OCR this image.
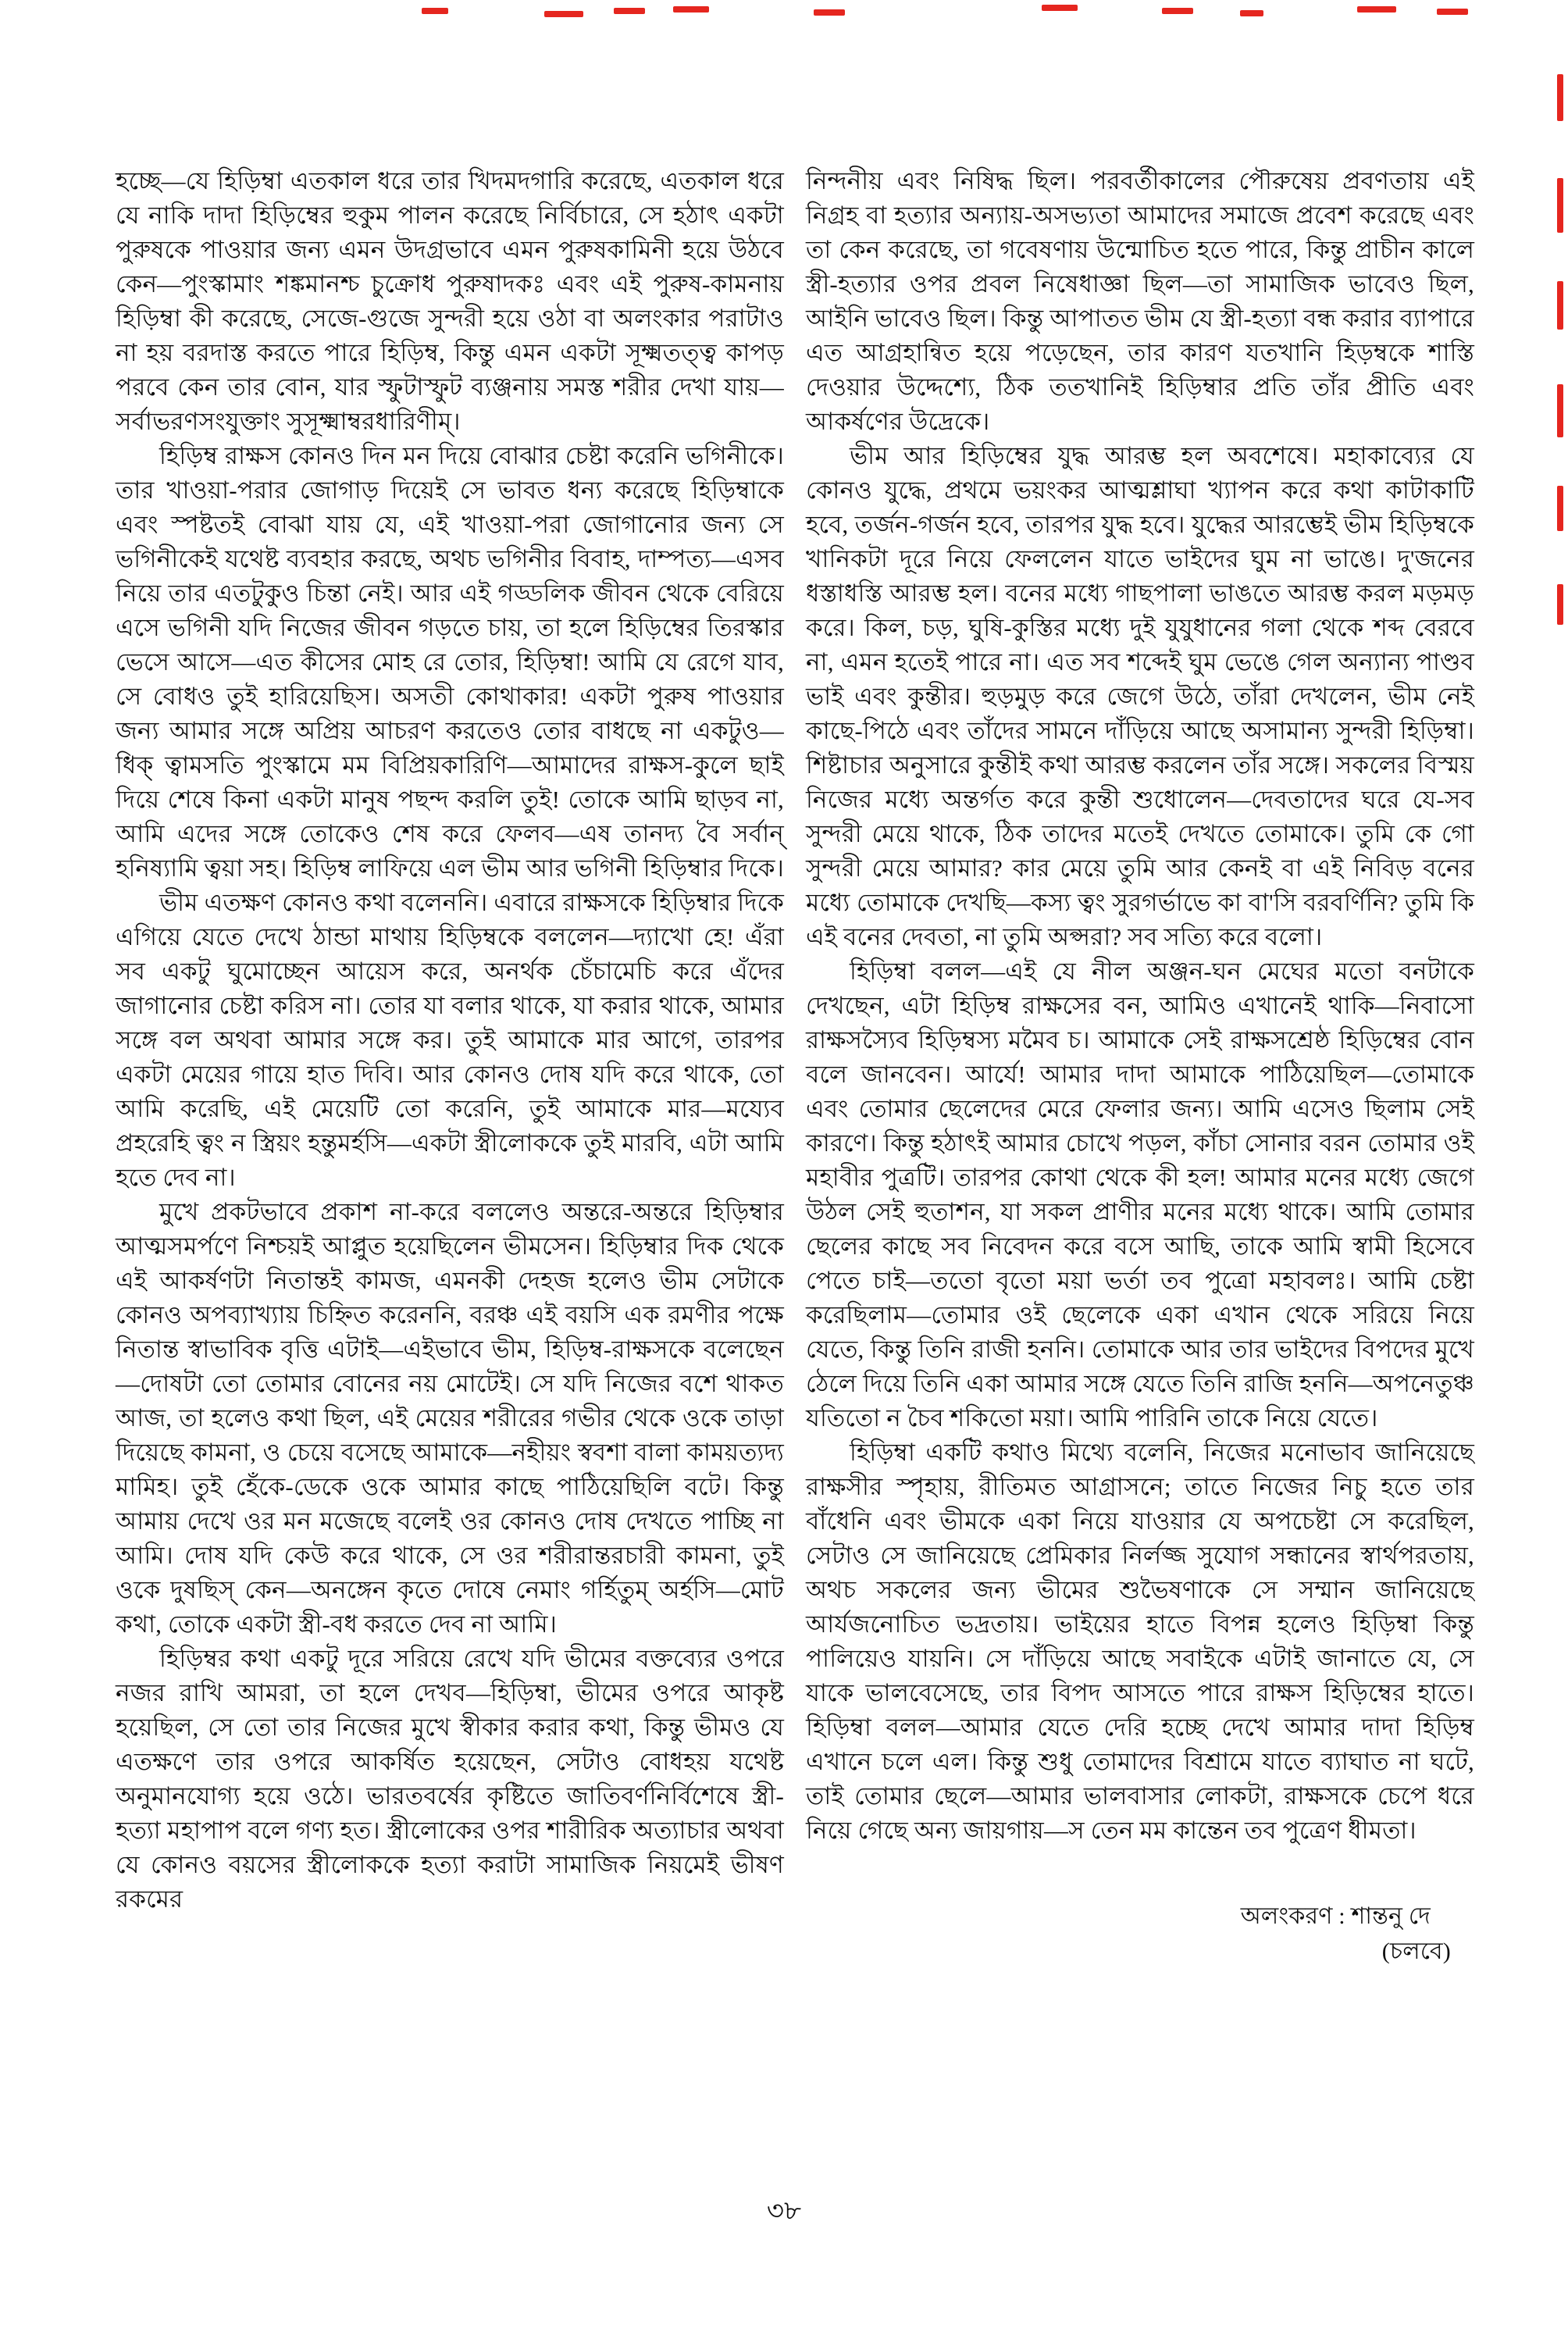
হচ্ছে—যে হিড়িম্বা এতকাল ধরে তার খিদমদগারি করেছে, এতকাল ধরে যে নাকি দাদা হিড়িম্বের হুকুম পালন করেছে নির্বিচারে, সে হঠাৎ একটা পুরুষকে পাওয়ার জন্য এমন উদগ্রভাবে এমন পুরুষকামিনী হয়ে উঠবে কেন—পুংস্কামাং শঙ্কমানশ্চ চুক্রোধ পুরুষাদকঃ এবং এই পুরুষ-কামনায় হিড়িম্বা কী করেছে, সেজে-গুজে সুন্দরী হয়ে ওঠা বা অলংকার পরাটাও না হয় বরদাস্ত করতে পারে হিড়িম্ব, কিন্তু এমন একটা সূক্ষ্মতত্ত্ব কাপড় পরবে কেন তার বোন, যার স্ফুটাস্ফুট ব্যঞ্জনায় সমস্ত শরীর দেখা যায়—সর্বাভরণসংযুক্তাং সুসূক্ষ্মাম্বরধারিণীম্।

হিড়িম্ব রাক্ষস কোনও দিন মন দিয়ে বোঝার চেষ্টা করেনি ভগিনীকে। তার খাওয়া-পরার জোগাড় দিয়েই সে ভাবত ধন্য করেছে হিড়িম্বাকে এবং স্পষ্টতই বোঝা যায় যে, এই খাওয়া-পরা জোগানোর জন্য সে ভগিনীকেই যথেষ্ট ব্যবহার করছে, অথচ ভগিনীর বিবাহ, দাম্পত্য—এসব নিয়ে তার এতটুকুও চিন্তা নেই। আর এই গড্ডলিক জীবন থেকে বেরিয়ে এসে ভগিনী যদি নিজের জীবন গড়তে চায়, তা হলে হিড়িম্বের তিরস্কার ভেসে আসে—এত কীসের মোহ রে তোর, হিড়িম্বা! আমি যে রেগে যাব, সে বোধও তুই হারিয়েছিস। অসতী কোথাকার! একটা পুরুষ পাওয়ার জন্য আমার সঙ্গে অপ্রিয় আচরণ করতেও তোর বাধছে না একটুও—ধিক্ ত্বামসতি পুংস্কামে মম বিপ্রিয়কারিণি—আমাদের রাক্ষস-কুলে ছাই দিয়ে শেষে কিনা একটা মানুষ পছন্দ করলি তুই! তোকে আমি ছাড়ব না, আমি এদের সঙ্গে তোকেও শেষ করে ফেলব—এষ তানদ্য বৈ সর্বান্ হনিষ্যামি ত্বয়া সহ। হিড়িম্ব লাফিয়ে এল ভীম আর ভগিনী হিড়িম্বার দিকে।

ভীম এতক্ষণ কোনও কথা বলেননি। এবারে রাক্ষসকে হিড়িম্বার দিকে এগিয়ে যেতে দেখে ঠান্ডা মাথায় হিড়িম্বকে বললেন—দ্যাখো হে! এঁরা সব একটু ঘুমোচ্ছেন আয়েস করে, অনর্থক চেঁচামেচি করে এঁদের জাগানোর চেষ্টা করিস না। তোর যা বলার থাকে, যা করার থাকে, আমার সঙ্গে বল অথবা আমার সঙ্গে কর। তুই আমাকে মার আগে, তারপর একটা মেয়ের গায়ে হাত দিবি। আর কোনও দোষ যদি করে থাকে, তো আমি করেছি, এই মেয়েটি তো করেনি, তুই আমাকে মার—ময্যেব প্রহরেহি ত্বং ন স্ত্রিয়ং হন্তুমর্হসি—একটা স্ত্রীলোককে তুই মারবি, এটা আমি হতে দেব না।

মুখে প্রকটভাবে প্রকাশ না-করে বললেও অন্তরে-অন্তরে হিড়িম্বার আত্মসমর্পণে নিশ্চয়ই আপ্লুত হয়েছিলেন ভীমসেন। হিড়িম্বার দিক থেকে এই আকর্ষণটা নিতান্তই কামজ, এমনকী দেহজ হলেও ভীম সেটাকে কোনও অপব্যাখ্যায় চিহ্নিত করেননি, বরঞ্চ এই বয়সি এক রমণীর পক্ষে নিতান্ত স্বাভাবিক বৃত্তি এটাই—এইভাবে ভীম, হিড়িম্ব-রাক্ষসকে বলেছেন—দোষটা তো তোমার বোনের নয় মোটেই। সে যদি নিজের বশে থাকত আজ, তা হলেও কথা ছিল, এই মেয়ের শরীরের গভীর থেকে ওকে তাড়া দিয়েছে কামনা, ও চেয়ে বসেছে আমাকে—নহীয়ং স্ববশা বালা কাময়ত্যদ্য মামিহ। তুই হেঁকে-ডেকে ওকে আমার কাছে পাঠিয়েছিলি বটে। কিন্তু আমায় দেখে ওর মন মজেছে বলেই ওর কোনও দোষ দেখতে পাচ্ছি না আমি। দোষ যদি কেউ করে থাকে, সে ওর শরীরান্তরচারী কামনা, তুই ওকে দুষছিস্ কেন—অনঙ্গেন কৃতে দোষে নেমাং গর্হিতুম্ অর্হসি—মোট কথা, তোকে একটা স্ত্রী-বধ করতে দেব না আমি।

হিড়িম্বর কথা একটু দূরে সরিয়ে রেখে যদি ভীমের বক্তব্যের ওপরে নজর রাখি আমরা, তা হলে দেখব—হিড়িম্বা, ভীমের ওপরে আকৃষ্ট হয়েছিল, সে তো তার নিজের মুখে স্বীকার করার কথা, কিন্তু ভীমও যে এতক্ষণে তার ওপরে আকর্ষিত হয়েছেন, সেটাও বোধহয় যথেষ্ট অনুমানযোগ্য হয়ে ওঠে। ভারতবর্ষের কৃষ্টিতে জাতিবর্ণনির্বিশেষে স্ত্রী-হত্যা মহাপাপ বলে গণ্য হত। স্ত্রীলোকের ওপর শারীরিক অত্যাচার অথবা যে কোনও বয়সের স্ত্রীলোককে হত্যা করাটা সামাজিক নিয়মেই ভীষণ রকমের

নিন্দনীয় এবং নিষিদ্ধ ছিল। পরবর্তীকালের পৌরুষেয় প্রবণতায় এই নিগ্রহ বা হত্যার অন্যায়-অসভ্যতা আমাদের সমাজে প্রবেশ করেছে এবং তা কেন করেছে, তা গবেষণায় উন্মোচিত হতে পারে, কিন্তু প্রাচীন কালে স্ত্রী-হত্যার ওপর প্রবল নিষেধাজ্ঞা ছিল—তা সামাজিক ভাবেও ছিল, আইনি ভাবেও ছিল। কিন্তু আপাতত ভীম যে স্ত্রী-হত্যা বন্ধ করার ব্যাপারে এত আগ্রহান্বিত হয়ে পড়েছেন, তার কারণ যতখানি হিড়ম্বকে শাস্তি দেওয়ার উদ্দেশ্যে, ঠিক ততখানিই হিড়িম্বার প্রতি তাঁর প্রীতি এবং আকর্ষণের উদ্রেকে।

ভীম আর হিড়িম্বের যুদ্ধ আরম্ভ হল অবশেষে। মহাকাব্যের যে কোনও যুদ্ধে, প্রথমে ভয়ংকর আত্মশ্লাঘা খ্যাপন করে কথা কাটাকাটি হবে, তর্জন-গর্জন হবে, তারপর যুদ্ধ হবে। যুদ্ধের আরম্ভেই ভীম হিড়িম্বকে খানিকটা দূরে নিয়ে ফেললেন যাতে ভাইদের ঘুম না ভাঙে। দু'জনের ধস্তাধস্তি আরম্ভ হল। বনের মধ্যে গাছপালা ভাঙতে আরম্ভ করল মড়মড় করে। কিল, চড়, ঘুষি-কুস্তির মধ্যে দুই যুযুধানের গলা থেকে শব্দ বেরবে না, এমন হতেই পারে না। এত সব শব্দেই ঘুম ভেঙে গেল অন্যান্য পাণ্ডব ভাই এবং কুন্তীর। হুড়মুড় করে জেগে উঠে, তাঁরা দেখলেন, ভীম নেই কাছে-পিঠে এবং তাঁদের সামনে দাঁড়িয়ে আছে অসামান্য সুন্দরী হিড়িম্বা। শিষ্টাচার অনুসারে কুন্তীই কথা আরম্ভ করলেন তাঁর সঙ্গে। সকলের বিস্ময় নিজের মধ্যে অন্তর্গত করে কুন্তী শুধোলেন—দেবতাদের ঘরে যে-সব সুন্দরী মেয়ে থাকে, ঠিক তাদের মতেই দেখতে তোমাকে। তুমি কে গো সুন্দরী মেয়ে আমার? কার মেয়ে তুমি আর কেনই বা এই নিবিড় বনের মধ্যে তোমাকে দেখছি—কস্য ত্বং সুরগর্ভাভে কা বা'সি বরবর্ণিনি? তুমি কি এই বনের দেবতা, না তুমি অপ্সরা? সব সত্যি করে বলো।

হিড়িম্বা বলল—এই যে নীল অঞ্জন-ঘন মেঘের মতো বনটাকে দেখছেন, এটা হিড়িম্ব রাক্ষসের বন, আমিও এখানেই থাকি—নিবাসো রাক্ষসস্যৈব হিড়িম্বস্য মমৈব চ। আমাকে সেই রাক্ষসশ্রেষ্ঠ হিড়িম্বের বোন বলে জানবেন। আর্যে! আমার দাদা আমাকে পাঠিয়েছিল—তোমাকে এবং তোমার ছেলেদের মেরে ফেলার জন্য। আমি এসেও ছিলাম সেই কারণে। কিন্তু হঠাৎই আমার চোখে পড়ল, কাঁচা সোনার বরন তোমার ওই মহাবীর পুত্রটি। তারপর কোথা থেকে কী হল! আমার মনের মধ্যে জেগে উঠল সেই হুতাশন, যা সকল প্রাণীর মনের মধ্যে থাকে। আমি তোমার ছেলের কাছে সব নিবেদন করে বসে আছি, তাকে আমি স্বামী হিসেবে পেতে চাই—ততো বৃতো ময়া ভর্তা তব পুত্রো মহাবলঃ। আমি চেষ্টা করেছিলাম—তোমার ওই ছেলেকে একা এখান থেকে সরিয়ে নিয়ে যেতে, কিন্তু তিনি রাজী হননি। তোমাকে আর তার ভাইদের বিপদের মুখে ঠেলে দিয়ে তিনি একা আমার সঙ্গে যেতে তিনি রাজি হননি—অপনেতুঞ্চ যতিতো ন চৈব শকিতো ময়া। আমি পারিনি তাকে নিয়ে যেতে।

হিড়িম্বা একটি কথাও মিথ্যে বলেনি, নিজের মনোভাব জানিয়েছে রাক্ষসীর স্পৃহায়, রীতিমত আগ্রাসনে; তাতে নিজের নিচু হতে তার বাঁধেনি এবং ভীমকে একা নিয়ে যাওয়ার যে অপচেষ্টা সে করেছিল, সেটাও সে জানিয়েছে প্রেমিকার নির্লজ্জ সুযোগ সন্ধানের স্বার্থপরতায়, অথচ সকলের জন্য ভীমের শুভৈষণাকে সে সম্মান জানিয়েছে আর্যজনোচিত ভদ্রতায়। ভাইয়ের হাতে বিপন্ন হলেও হিড়িম্বা কিন্তু পালিয়েও যায়নি। সে দাঁড়িয়ে আছে সবাইকে এটাই জানাতে যে, সে যাকে ভালবেসেছে, তার বিপদ আসতে পারে রাক্ষস হিড়িম্বের হাতে। হিড়িম্বা বলল—আমার যেতে দেরি হচ্ছে দেখে আমার দাদা হিড়িম্ব এখানে চলে এল। কিন্তু শুধু তোমাদের বিশ্রামে যাতে ব্যাঘাত না ঘটে, তাই তোমার ছেলে—আমার ভালবাসার লোকটা, রাক্ষসকে চেপে ধরে নিয়ে গেছে অন্য জায়গায়—স তেন মম কান্তেন তব পুত্রেণ ধীমতা।

অলংকরণ : শান্তনু দে
(চলবে)
৩৮
